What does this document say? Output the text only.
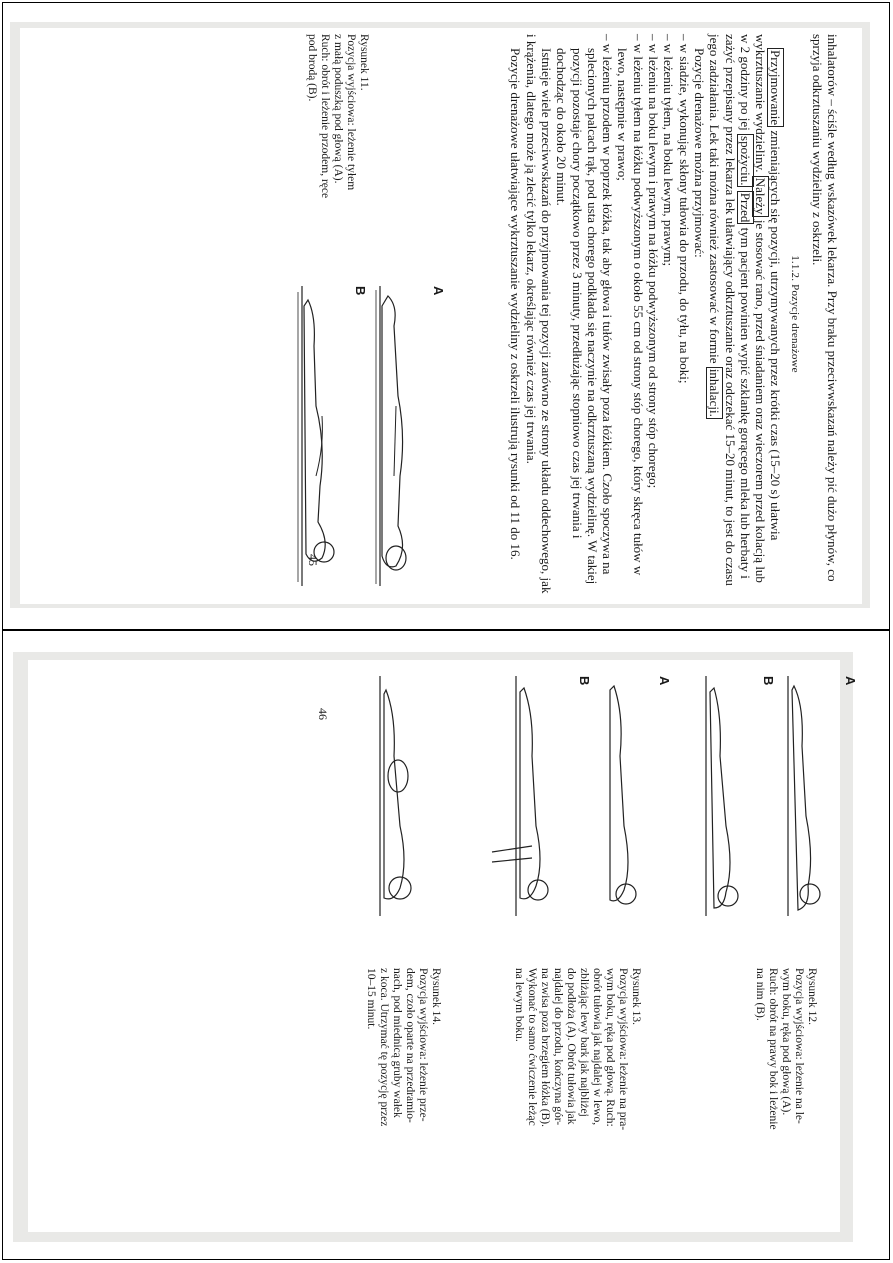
inhalatorów – ściśle według wskazówek lekarza. Przy braku przeciwwskazań należy pić dużo płynów, co sprzyja odkrztuszaniu wydzieliny z oskrzeli.

1.1.2. Pozycje drenażowe

Przyjmowanie zmieniających się pozycji, utrzymywanych przez krótki czas (15–20 s) ułatwia wykrztuszanie wydzieliny. Należy je stosować rano, przed śniadaniem oraz wieczorem przed kolacją lub w 2 godziny po jej spożyciu. Przed tym pacjent powinien wypić szklankę gorącego mleka lub herbaty i zażyć przepisany przez lekarza lek ułatwiający odkrztuszanie oraz odczekać 15–20 minut, to jest do czasu jego zadziałania. Lek taki można również zastosować w formie inhalacji.

Pozycje drenażowe można przyjmować:

– w siadzie, wykonując skłony tułowia do przodu, do tyłu, na boki;

– w leżeniu tyłem, na boku lewym, prawym;

– w leżeniu na boku lewym i prawym na łóżku podwyższonym od strony stóp chorego;

– w leżeniu tyłem na łóżku podwyższonym o około 55 cm od strony stóp chorego, który skręca tułów w lewo, następnie w prawo;

– w leżeniu przodem w poprzek łóżka, tak aby głowa i tułów zwisały poza łóżkiem. Czoło spoczywa na splecionych palcach rąk, pod usta chorego podkłada się naczynie na odkrztuszaną wydzielinę. W takiej pozycji pozostaje chory początkowo przez 3 minuty, przedłużając stopniowo czas jej trwania i dochodząc do około 20 minut.

Istnieje wiele przeciwwskazań do przyjmowania tej pozycji zarówno ze strony układu oddechowego, jak i krążenia, dlatego może ją zlecić tylko lekarz, określając również czas jej trwania.

Pozycje drenażowe ułatwiające wykrztuszanie wydzieliny z oskrzeli ilustrują rysunki od 11 do 16.

A
B
Rysunek 11.
Pozycja wyjściowa: leżenie tyłem
z małą poduszką pod głową (A).
Ruch: obrót i leżenie przodem, ręce
pod brodą (B).
45
A
B
Rysunek 12.
Pozycja wyjściowa: leżenie na le-
wym boku, ręka pod głową (A).
Ruch: obrót na prawy bok i leżenie
na nim (B).
A
B
Rysunek 13.
Pozycja wyjściowa: leżenie na pra-
wym boku, ręka pod głową. Ruch:
obrót tułowia jak najdalej w lewo,
zbliżając lewy bark jak najbliżej
do podłoża (A). Obrót tułowia jak
najdalej do przodu, kończyna gór-
na zwisa poza brzegiem łóżka (B).
Wykonać to samo ćwiczenie leżąc
na lewym boku.
Rysunek 14.
Pozycja wyjściowa: leżenie prze-
dem, czoło oparte na przedramio-
nach, pod miednicą gruby wałek
z koca. Utrzymać tę pozycję przez
10–15 minut.
46
